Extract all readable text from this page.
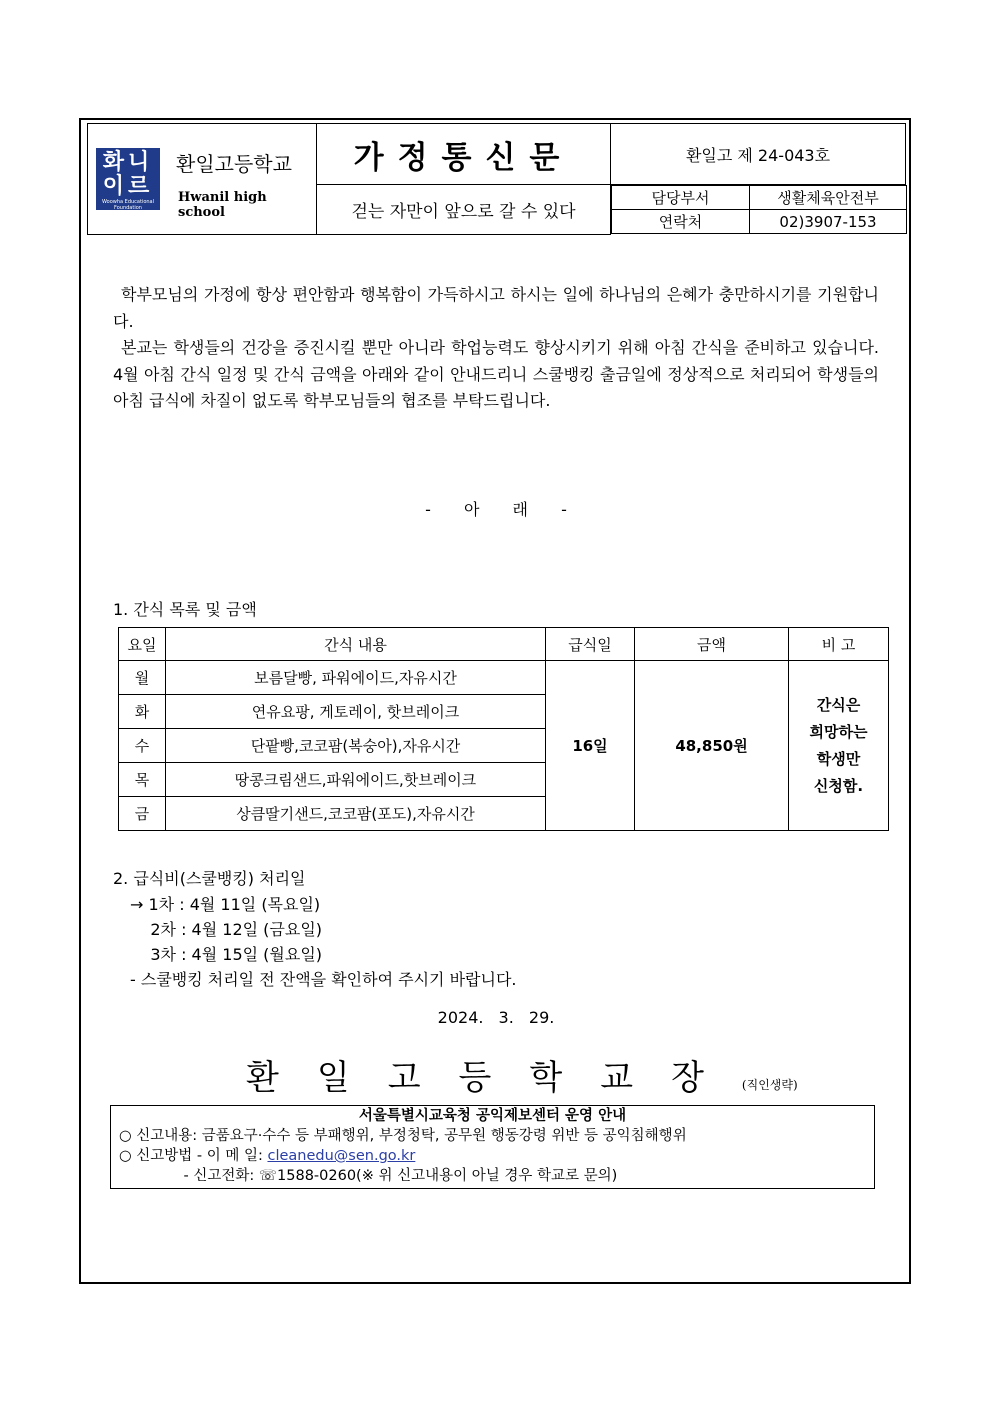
화니
이르
Woowha Educational Foundation
환일고등학교
Hwanil high school
	가정통신문	환일고 제 24-043호
걷는 자만이 앞으로 갈 수 있다	
담당부서	생활체육안전부
연락처	02)3907-153

학부모님의 가정에 항상 편안함과 행복함이 가득하시고 하시는 일에 하나님의 은혜가 충만하시기를 기원합니다.

본교는 학생들의 건강을 증진시킬 뿐만 아니라 학업능력도 향상시키기 위해 아침 간식을 준비하고 있습니다. 4월 아침 간식 일정 및 간식 금액을 아래와 같이 안내드리니 스쿨뱅킹 출금일에 정상적으로 처리되어 학생들의 아침 급식에 차질이 없도록 학부모님들의 협조를 부탁드립니다.

- 아 래 -
1. 간식 목록 및 금액
요일	간식 내용	급식일	금액	비 고
월	보름달빵, 파워에이드,자유시간	16일	48,850원	간식은
희망하는
학생만
신청함.
화	연유요팡, 게토레이, 핫브레이크			
수	단팥빵,코코팜(복숭아),자유시간			
목	땅콩크림샌드,파워에이드,핫브레이크			
금	상큼딸기샌드,코코팜(포도),자유시간			
2. 급식비(스쿨뱅킹) 처리일
→ 1차 : 4월 11일 (목요일)
2차 : 4월 12일 (금요일)
3차 : 4월 15일 (월요일)
- 스쿨뱅킹 처리일 전 잔액을 확인하여 주시기 바랍니다.
2024. 3. 29.
환일고등학교장(직인생략)
서울특별시교육청 공익제보센터 운영 안내
○ 신고내용: 금품요구·수수 등 부패행위, 부정청탁, 공무원 행동강령 위반 등 공익침해행위
○ 신고방법 - 이 메 일: cleanedu@sen.go.kr
- 신고전화: ☏1588-0260(※ 위 신고내용이 아닐 경우 학교로 문의)
